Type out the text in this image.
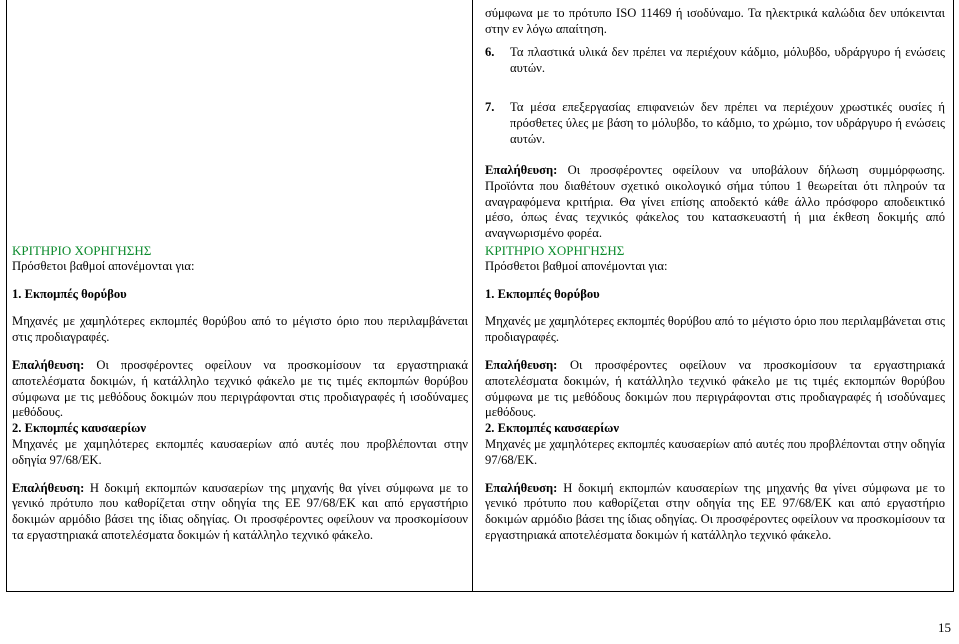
σύμφωνα με το πρότυπο ISO 11469 ή ισοδύναμο. Τα ηλεκτρικά καλώδια δεν υπόκεινται στην εν λόγω απαίτηση.

6. Τα πλαστικά υλικά δεν πρέπει να περιέχουν κάδμιο, μόλυβδο, υδράργυρο ή ενώσεις αυτών.
7. Τα μέσα επεξεργασίας επιφανειών δεν πρέπει να περιέχουν χρωστικές ουσίες ή πρόσθετες ύλες με βάση το μόλυβδο, το κάδμιο, το χρώμιο, τον υδράργυρο ή ενώσεις αυτών.

Επαλήθευση: Οι προσφέροντες οφείλουν να υποβάλουν δήλωση συμμόρφωσης. Προϊόντα που διαθέτουν σχετικό οικολογικό σήμα τύπου 1 θεωρείται ότι πληρούν τα αναγραφόμενα κριτήρια. Θα γίνει επίσης αποδεκτό κάθε άλλο πρόσφορο αποδεικτικό μέσο, όπως ένας τεχνικός φάκελος του κατασκευαστή ή μια έκθεση δοκιμής από αναγνωρισμένο φορέα.

ΚΡΙΤΗΡΙΟ ΧΟΡΗΓΗΣΗΣ

Πρόσθετοι βαθμοί απονέμονται για:

1. Εκπομπές θορύβου

Μηχανές με χαμηλότερες εκπομπές θορύβου από το μέγιστο όριο που περιλαμβάνεται στις προδιαγραφές.

Επαλήθευση: Οι προσφέροντες οφείλουν να προσκομίσουν τα εργαστηριακά αποτελέσματα δοκιμών, ή κατάλληλο τεχνικό φάκελο με τις τιμές εκπομπών θορύβου σύμφωνα με τις μεθόδους δοκιμών που περιγράφονται στις προδιαγραφές ή ισοδύναμες μεθόδους.

2. Εκπομπές καυσαερίων

Μηχανές με χαμηλότερες εκπομπές καυσαερίων από αυτές που προβλέπονται στην οδηγία 97/68/ΕΚ.

Επαλήθευση: Η δοκιμή εκπομπών καυσαερίων της μηχανής θα γίνει σύμφωνα με το γενικό πρότυπο που καθορίζεται στην οδηγία της ΕΕ 97/68/ΕΚ και από εργαστήριο δοκιμών αρμόδιο βάσει της ίδιας οδηγίας. Οι προσφέροντες οφείλουν να προσκομίσουν τα εργαστηριακά αποτελέσματα δοκιμών ή κατάλληλο τεχνικό φάκελο.

ΚΡΙΤΗΡΙΟ ΧΟΡΗΓΗΣΗΣ

Πρόσθετοι βαθμοί απονέμονται για:

1. Εκπομπές θορύβου

Μηχανές με χαμηλότερες εκπομπές θορύβου από το μέγιστο όριο που περιλαμβάνεται στις προδιαγραφές.

Επαλήθευση: Οι προσφέροντες οφείλουν να προσκομίσουν τα εργαστηριακά αποτελέσματα δοκιμών, ή κατάλληλο τεχνικό φάκελο με τις τιμές εκπομπών θορύβου σύμφωνα με τις μεθόδους δοκιμών που περιγράφονται στις προδιαγραφές ή ισοδύναμες μεθόδους.

2. Εκπομπές καυσαερίων

Μηχανές με χαμηλότερες εκπομπές καυσαερίων από αυτές που προβλέπονται στην οδηγία 97/68/ΕΚ.

Επαλήθευση: Η δοκιμή εκπομπών καυσαερίων της μηχανής θα γίνει σύμφωνα με το γενικό πρότυπο που καθορίζεται στην οδηγία της ΕΕ 97/68/ΕΚ και από εργαστήριο δοκιμών αρμόδιο βάσει της ίδιας οδηγίας. Οι προσφέροντες οφείλουν να προσκομίσουν τα εργαστηριακά αποτελέσματα δοκιμών ή κατάλληλο τεχνικό φάκελο.

15
